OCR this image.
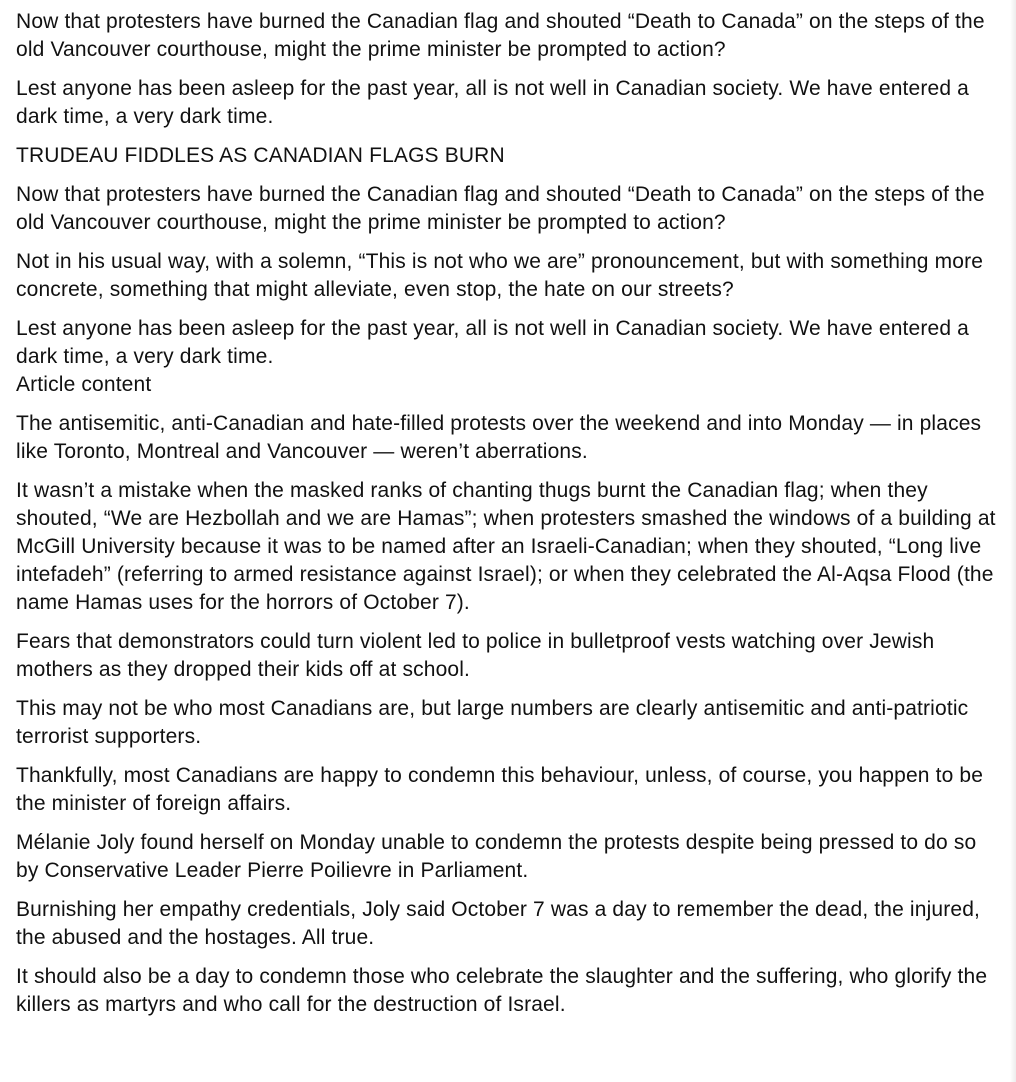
Now that protesters have burned the Canadian flag and shouted “Death to Canada” on the steps of the old Vancouver courthouse, might the prime minister be prompted to action?

Lest anyone has been asleep for the past year, all is not well in Canadian society. We have entered a dark time, a very dark time.

TRUDEAU FIDDLES AS CANADIAN FLAGS BURN

Now that protesters have burned the Canadian flag and shouted “Death to Canada” on the steps of the old Vancouver courthouse, might the prime minister be prompted to action?

Not in his usual way, with a solemn, “This is not who we are” pronouncement, but with something more concrete, something that might alleviate, even stop, the hate on our streets?

Lest anyone has been asleep for the past year, all is not well in Canadian society. We have entered a dark time, a very dark time.

Article content

The antisemitic, anti-Canadian and hate-filled protests over the weekend and into Monday — in places like Toronto, Montreal and Vancouver — weren’t aberrations.

It wasn’t a mistake when the masked ranks of chanting thugs burnt the Canadian flag; when they shouted, “We are Hezbollah and we are Hamas”; when protesters smashed the windows of a building at McGill University because it was to be named after an Israeli-Canadian; when they shouted, “Long live intefadeh” (referring to armed resistance against Israel); or when they celebrated the Al-Aqsa Flood (the name Hamas uses for the horrors of October 7).

Fears that demonstrators could turn violent led to police in bulletproof vests watching over Jewish mothers as they dropped their kids off at school.

This may not be who most Canadians are, but large numbers are clearly antisemitic and anti-patriotic terrorist supporters.

Thankfully, most Canadians are happy to condemn this behaviour, unless, of course, you happen to be the minister of foreign affairs.

Mélanie Joly found herself on Monday unable to condemn the protests despite being pressed to do so by Conservative Leader Pierre Poilievre in Parliament.

Burnishing her empathy credentials, Joly said October 7 was a day to remember the dead, the injured, the abused and the hostages. All true.

It should also be a day to condemn those who celebrate the slaughter and the suffering, who glorify the killers as martyrs and who call for the destruction of Israel.
